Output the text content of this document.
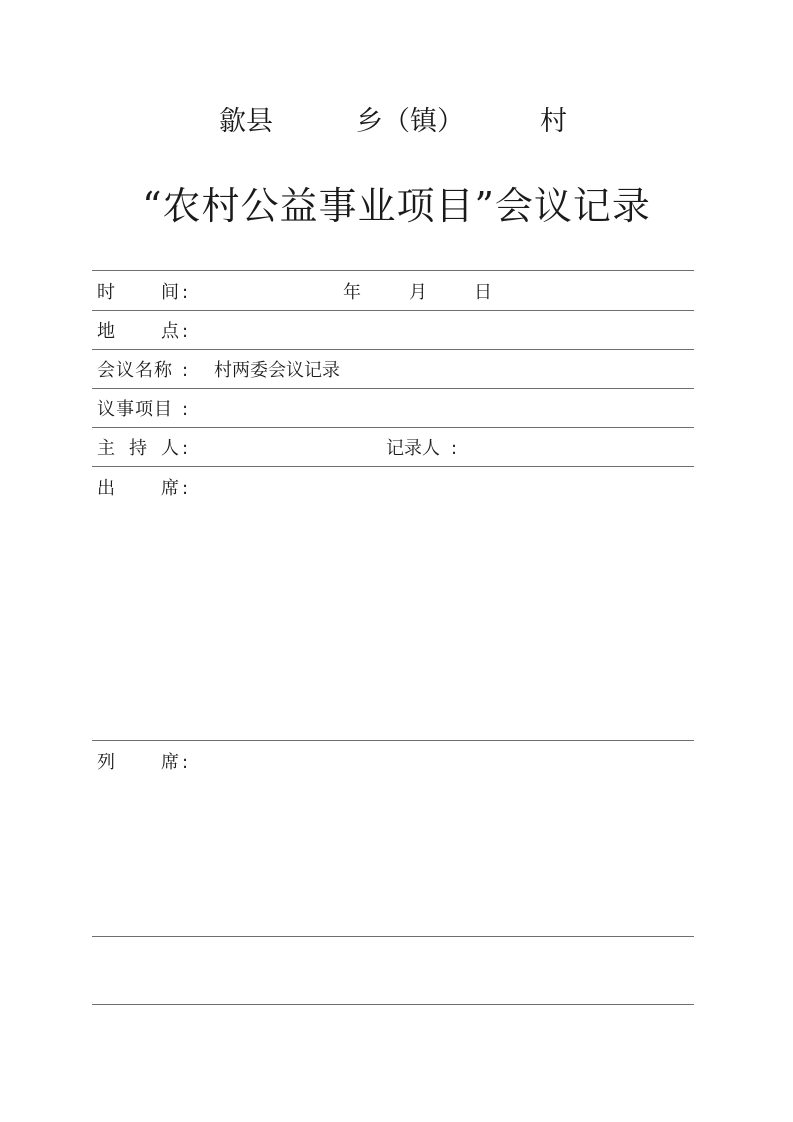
歙县	乡（镇）	村
“农村公益事业项目”会议记录
时	间 :	年	月	日
地	点 :
会议名称 : 村两委会议记录
议事项目 :
主 持 人 :	记录人 :
出	席 :
列	席 :
